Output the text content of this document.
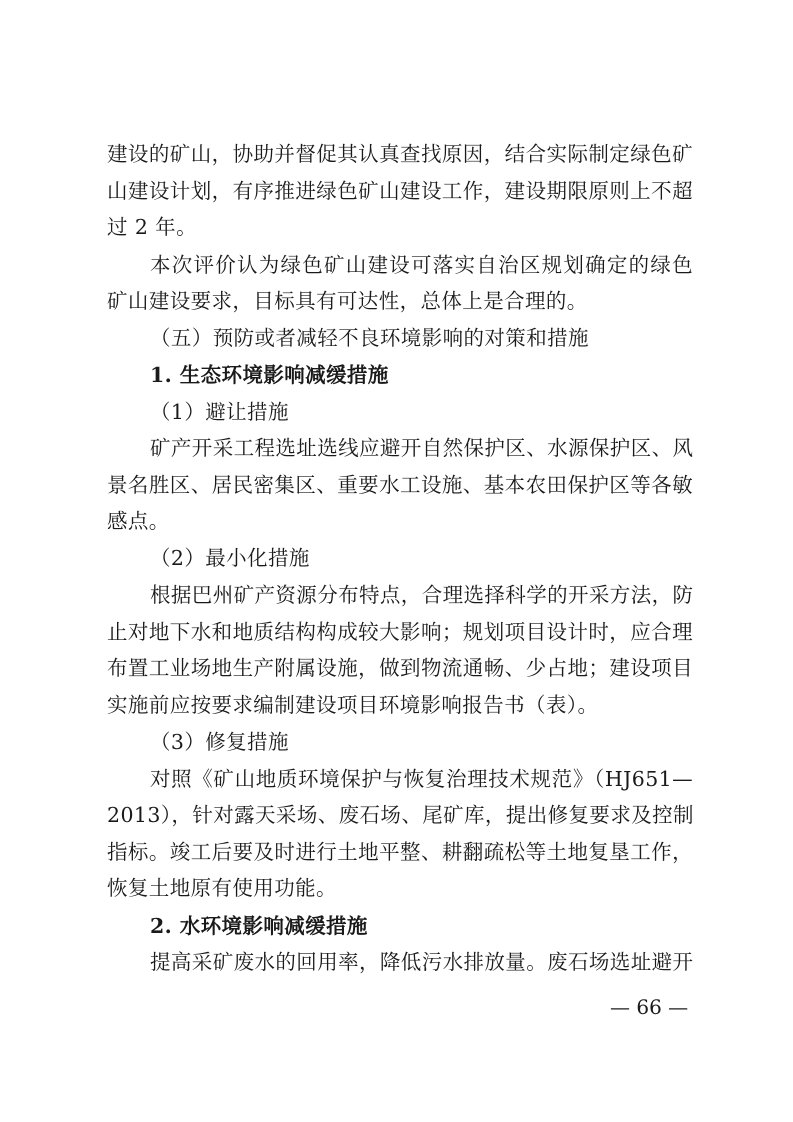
建设的矿山，协助并督促其认真查找原因，结合实际制定绿色矿
山建设计划，有序推进绿色矿山建设工作，建设期限原则上不超
过 2 年。
本次评价认为绿色矿山建设可落实自治区规划确定的绿色
矿山建设要求，目标具有可达性，总体上是合理的。
（五）预防或者减轻不良环境影响的对策和措施
1. 生态环境影响减缓措施
（1）避让措施
矿产开采工程选址选线应避开自然保护区、水源保护区、风
景名胜区、居民密集区、重要水工设施、基本农田保护区等各敏
感点。
（2）最小化措施
根据巴州矿产资源分布特点，合理选择科学的开采方法，防
止对地下水和地质结构构成较大影响；规划项目设计时，应合理
布置工业场地生产附属设施，做到物流通畅、少占地；建设项目
实施前应按要求编制建设项目环境影响报告书（表）。
（3）修复措施
对照《矿山地质环境保护与恢复治理技术规范》（HJ651—
2013），针对露天采场、废石场、尾矿库，提出修复要求及控制
指标。竣工后要及时进行土地平整、耕翻疏松等土地复垦工作，
恢复土地原有使用功能。
2. 水环境影响减缓措施
提高采矿废水的回用率，降低污水排放量。废石场选址避开
— 66 —
